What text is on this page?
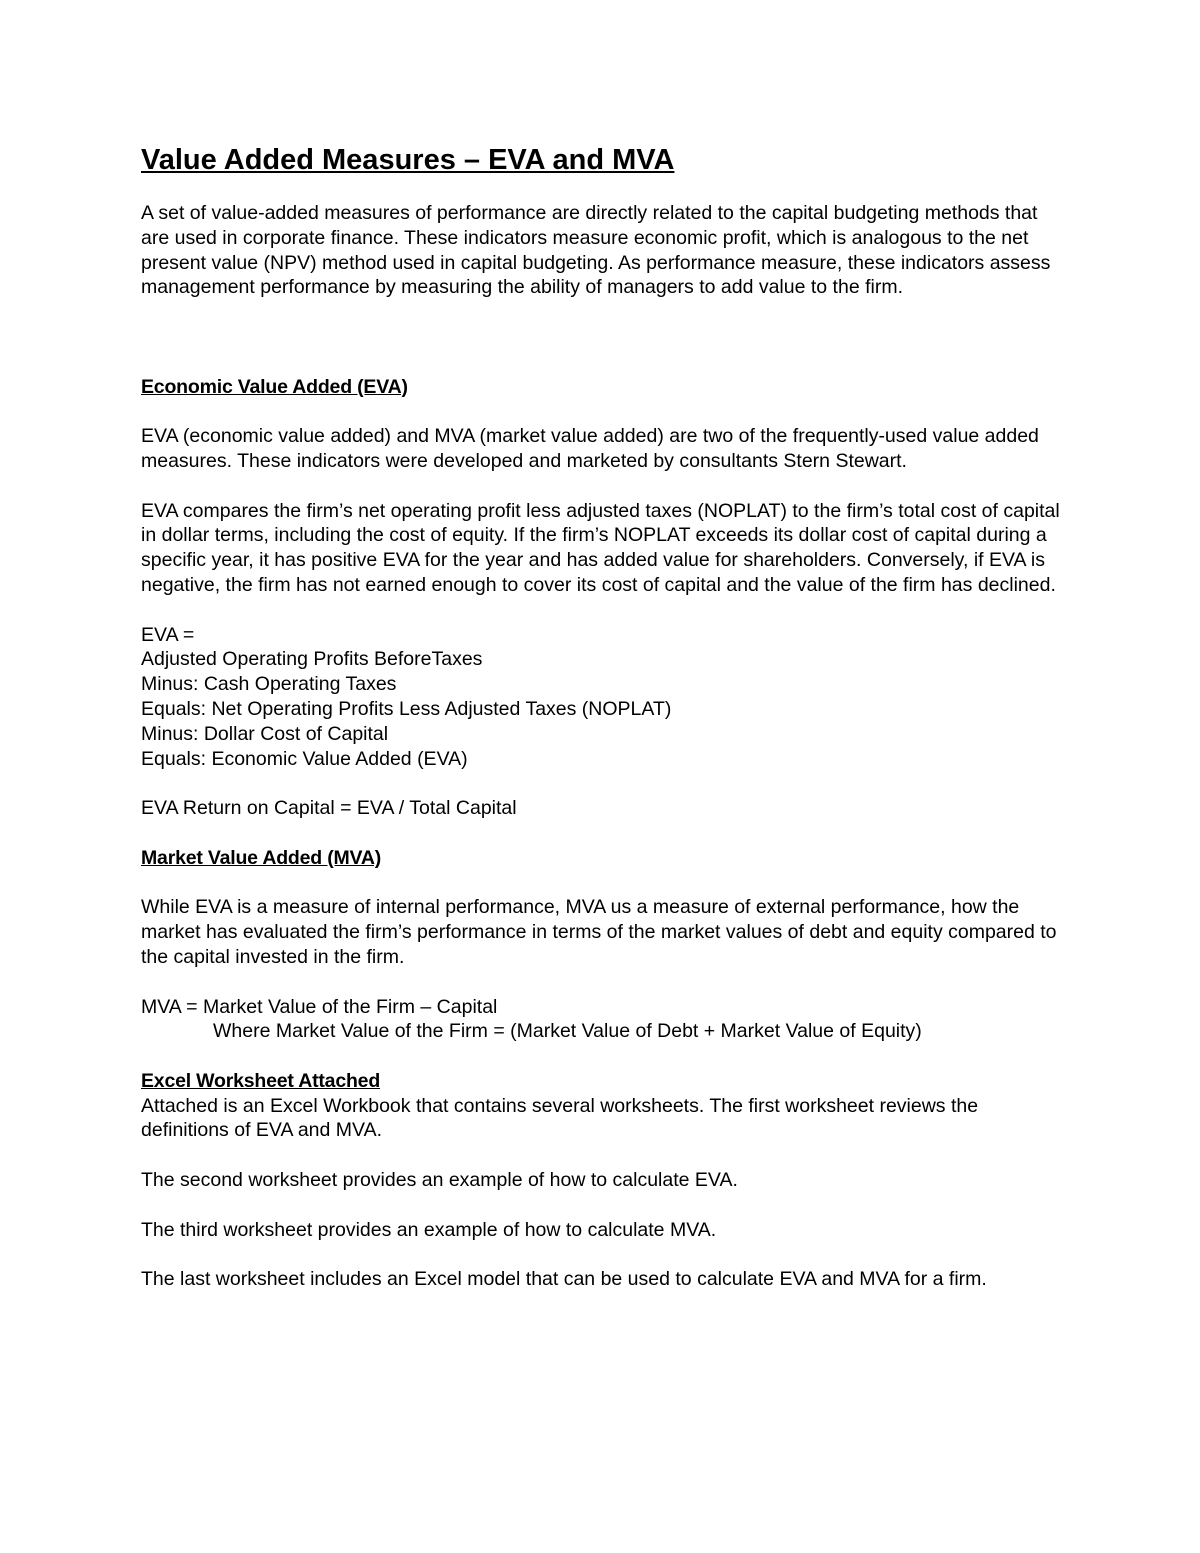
Value Added Measures – EVA and MVA

A set of value-added measures of performance are directly related to the capital budgeting methods that are used in corporate finance. These indicators measure economic profit, which is analogous to the net present value (NPV) method used in capital budgeting. As performance measure, these indicators assess management performance by measuring the ability of managers to add value to the firm.

Economic Value Added (EVA)

EVA (economic value added) and MVA (market value added) are two of the frequently-used value added measures. These indicators were developed and marketed by consultants Stern Stewart.

EVA compares the firm’s net operating profit less adjusted taxes (NOPLAT) to the firm’s total cost of capital in dollar terms, including the cost of equity. If the firm’s NOPLAT exceeds its dollar cost of capital during a specific year, it has positive EVA for the year and has added value for shareholders. Conversely, if EVA is negative, the firm has not earned enough to cover its cost of capital and the value of the firm has declined.

EVA =
Adjusted Operating Profits BeforeTaxes
Minus: Cash Operating Taxes
Equals: Net Operating Profits Less Adjusted Taxes (NOPLAT)
Minus: Dollar Cost of Capital
Equals: Economic Value Added (EVA)

EVA Return on Capital = EVA / Total Capital

Market Value Added (MVA)

While EVA is a measure of internal performance, MVA us a measure of external performance, how the market has evaluated the firm’s performance in terms of the market values of debt and equity compared to the capital invested in the firm.

MVA = Market Value of the Firm – Capital
Where Market Value of the Firm = (Market Value of Debt + Market Value of Equity)
Excel Worksheet Attached

Attached is an Excel Workbook that contains several worksheets. The first worksheet reviews the definitions of EVA and MVA.

The second worksheet provides an example of how to calculate EVA.

The third worksheet provides an example of how to calculate MVA.

The last worksheet includes an Excel model that can be used to calculate EVA and MVA for a firm.
